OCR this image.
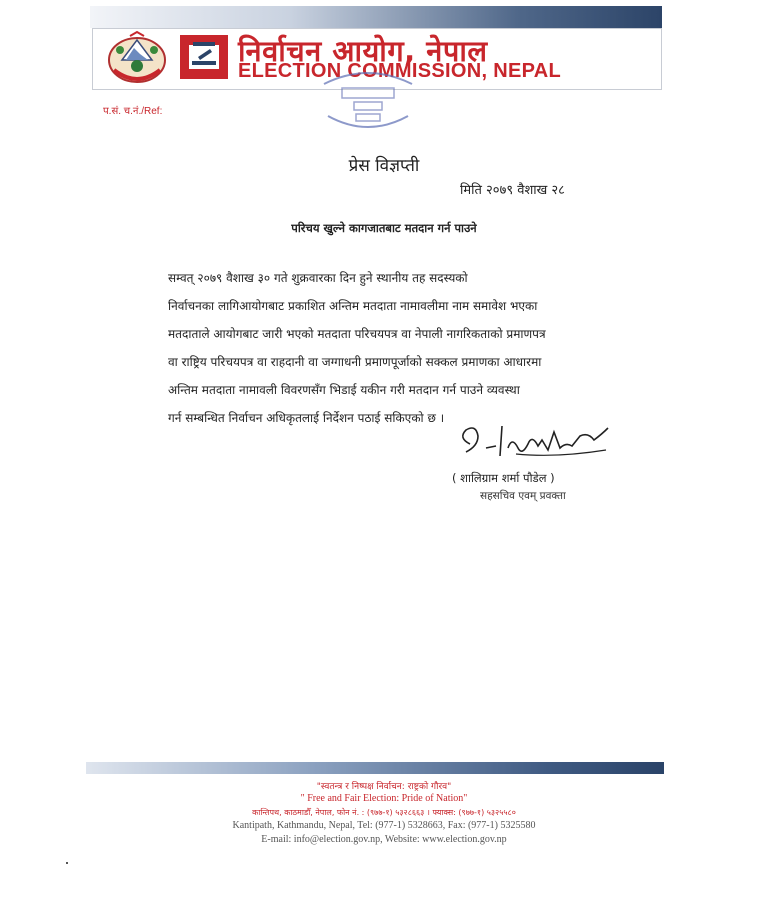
निर्वाचन आयोग, नेपाल
ELECTION COMMISSION, NEPAL
प.सं. च.नं./Ref:
प्रेस विज्ञप्ती
मिति २०७९ वैशाख २८
परिचय खुल्ने कागजातबाट मतदान गर्न पाउने
सम्वत् २०७९ वैशाख ३० गते शुक्रवारका दिन हुने स्थानीय तह सदस्यको
निर्वाचनका लागिआयोगबाट प्रकाशित अन्तिम मतदाता नामावलीमा नाम समावेश भएका
मतदाताले आयोगबाट जारी भएको मतदाता परिचयपत्र वा नेपाली नागरिकताको प्रमाणपत्र
वा राष्ट्रिय परिचयपत्र वा राहदानी वा जग्गाधनी प्रमाणपूर्जाको सक्कल प्रमाणका आधारमा
अन्तिम मतदाता नामावली विवरणसँग भिडाई यकीन गरी मतदान गर्न पाउने व्यवस्था
गर्न सम्बन्धित निर्वाचन अधिकृतलाई निर्देशन पठाई सकिएको छ ।
( शालिग्राम शर्मा पौडेल )
सहसचिव एवम् प्रवक्ता
"स्वतन्त्र र निष्पक्ष निर्वाचन: राष्ट्रको गौरव"
" Free and Fair Election: Pride of Nation"
कान्तिपथ, काठमाडौँ, नेपाल, फोन नं. : (९७७-१) ५३२८६६३ । फ्याक्स: (९७७-१) ५३२५५८०
Kantipath, Kathmandu, Nepal, Tel: (977-1) 5328663, Fax: (977-1) 5325580
E-mail: info@election.gov.np, Website: www.election.gov.np
